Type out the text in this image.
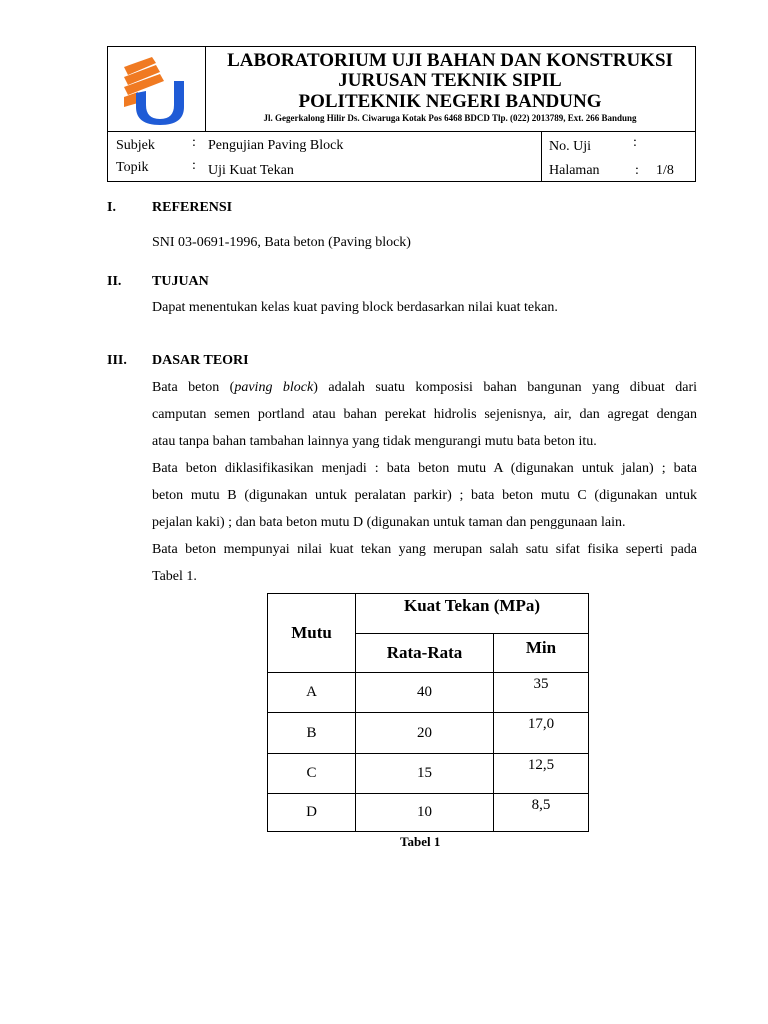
LABORATORIUM UJI BAHAN DAN KONSTRUKSI
JURUSAN TEKNIK SIPIL
POLITEKNIK NEGERI BANDUNG
Jl. Gegerkalong Hilir Ds. Ciwaruga Kotak Pos 6468 BDCD Tlp. (022) 2013789, Ext. 266 Bandung
Subjek	: Pengujian Paving Block
Topik	: Uji Kuat Tekan
No. Uji	:
Halaman	: 1/8
I.	REFERENSI
SNI 03-0691-1996, Bata beton (Paving block)
II. TUJUAN
Dapat menentukan kelas kuat paving block berdasarkan nilai kuat tekan.
III. DASAR TEORI
Bata beton (paving block) adalah suatu komposisi bahan bangunan yang dibuat dari
camputan semen portland atau bahan perekat hidrolis sejenisnya, air, dan agregat dengan
atau tanpa bahan tambahan lainnya yang tidak mengurangi mutu bata beton itu.
Bata beton diklasifikasikan menjadi : bata beton mutu A (digunakan untuk jalan) ; bata
beton mutu B (digunakan untuk peralatan parkir) ; bata beton mutu C (digunakan untuk
pejalan kaki) ; dan bata beton mutu D (digunakan untuk taman dan penggunaan lain.
Bata beton mempunyai nilai kuat tekan yang merupan salah satu sifat fisika seperti pada
Tabel 1.
Mutu	Kuat Tekan (MPa)	
	Rata-Rata	Min
A	40	35
B	20	17,0
C	15	12,5
D	10	8,5
Tabel 1
